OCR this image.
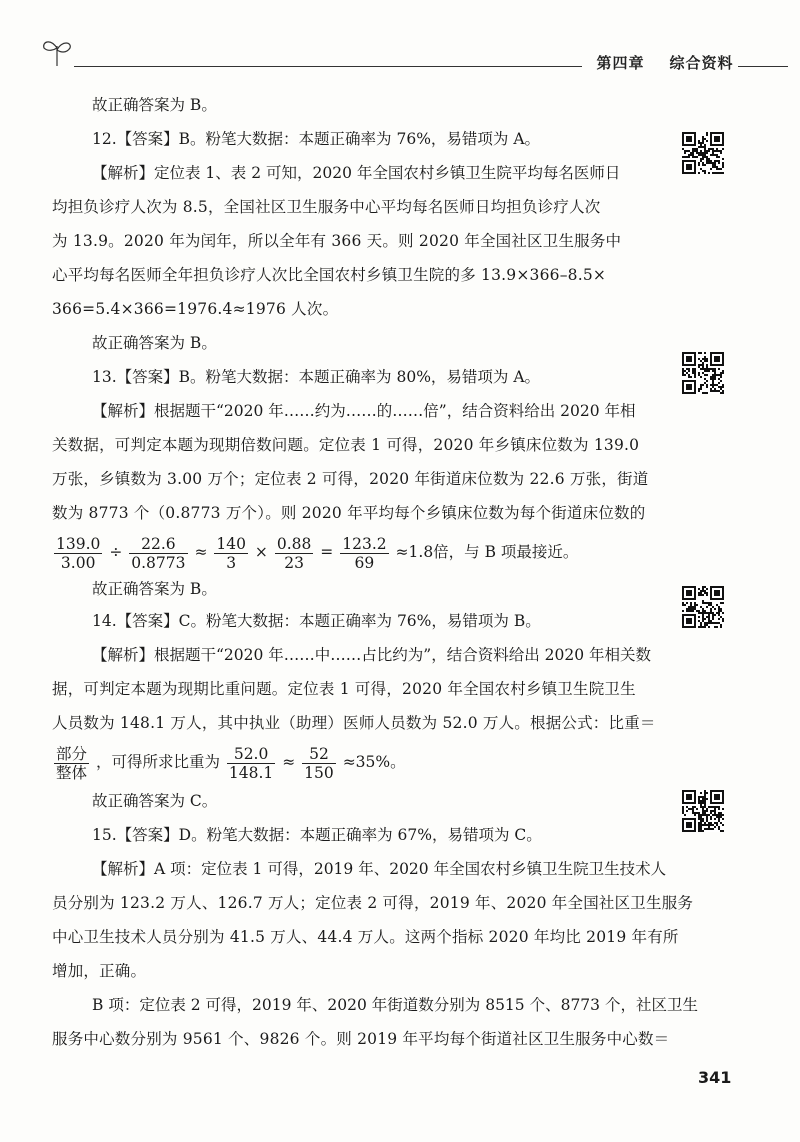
第四章 综合资料
故正确答案为 B。
12.【答案】B。粉笔大数据：本题正确率为 76%，易错项为 A。
【解析】定位表 1、表 2 可知，2020 年全国农村乡镇卫生院平均每名医师日
均担负诊疗人次为 8.5，全国社区卫生服务中心平均每名医师日均担负诊疗人次
为 13.9。2020 年为闰年，所以全年有 366 天。则 2020 年全国社区卫生服务中
心平均每名医师全年担负诊疗人次比全国农村乡镇卫生院的多 13.9×366–8.5×
366=5.4×366=1976.4≈1976 人次。
故正确答案为 B。
13.【答案】B。粉笔大数据：本题正确率为 80%，易错项为 A。
【解析】根据题干“2020 年……约为……的……倍”，结合资料给出 2020 年相
关数据，可判定本题为现期倍数问题。定位表 1 可得，2020 年乡镇床位数为 139.0
万张，乡镇数为 3.00 万个；定位表 2 可得，2020 年街道床位数为 22.6 万张，街道
数为 8773 个（0.8773 万个）。则 2020 年平均每个乡镇床位数为每个街道床位数的
$\frac{139.0}{3.00} \div \frac{22.6}{0.8773} \approx \frac{140}{3} \times \frac{0.88}{23} = \frac{123.2}{69} \approx 1.8$倍，与 B 项最接近。
故正确答案为 B。
14.【答案】C。粉笔大数据：本题正确率为 76%，易错项为 B。
【解析】根据题干“2020 年……中……占比约为”，结合资料给出 2020 年相关数
据，可判定本题为现期比重问题。定位表 1 可得，2020 年全国农村乡镇卫生院卫生
人员数为 148.1 万人，其中执业（助理）医师人员数为 52.0 万人。根据公式：比重＝
$\frac{\text{部分}}{\text{整体}}$ ，可得所求比重为 $\frac{52.0}{148.1} \approx \frac{52}{150} \approx 35\%$。
故正确答案为 C。
15.【答案】D。粉笔大数据：本题正确率为 67%，易错项为 C。
【解析】A 项：定位表 1 可得，2019 年、2020 年全国农村乡镇卫生院卫生技术人
员分别为 123.2 万人、126.7 万人；定位表 2 可得，2019 年、2020 年全国社区卫生服务
中心卫生技术人员分别为 41.5 万人、44.4 万人。这两个指标 2020 年均比 2019 年有所
增加，正确。
B 项：定位表 2 可得，2019 年、2020 年街道数分别为 8515 个、8773 个，社区卫生
服务中心数分别为 9561 个、9826 个。则 2019 年平均每个街道社区卫生服务中心数＝
341
